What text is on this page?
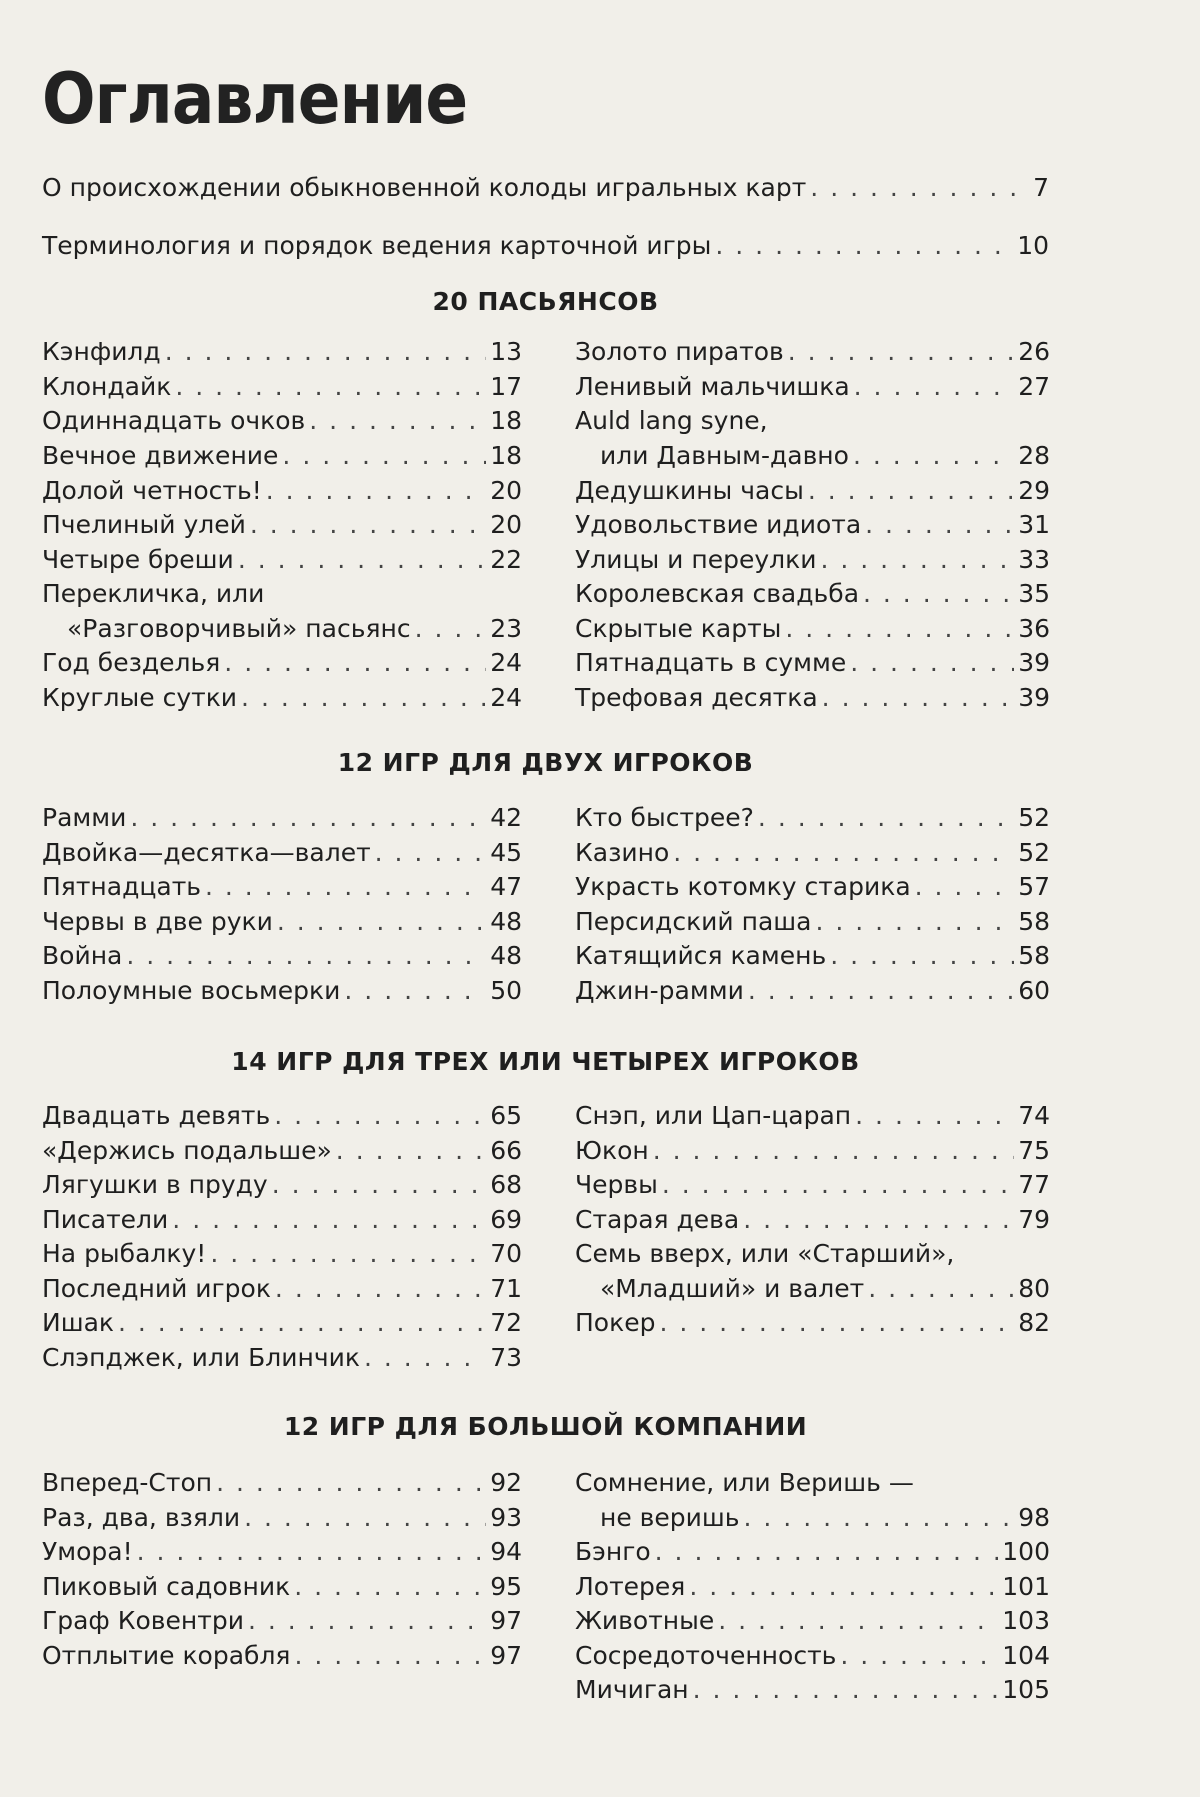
Оглавление
О происхождении обыкновенной колоды игральных карт . . .	7
Терминология и порядок ведения карточной игры . . .	10
20 ПАСЬЯНСОВ
Кэнфилд . . .	13
Клондайк . . .	17
Одиннадцать очков . . .	18
Вечное движение . . .	18
Долой четность! . . .	20
Пчелиный улей . . .	20
Четыре бреши . . .	22
Перекличка, или
«Разговорчивый» пасьянс . . .	23
Год безделья . . .	24
Круглые сутки . . .	24
Золото пиратов . . .	26
Ленивый мальчишка . . .	27
Auld lang syne,
или Давным-давно . . .	28
Дедушкины часы . . .	29
Удовольствие идиота . . .	31
Улицы и переулки . . .	33
Королевская свадьба . . .	35
Скрытые карты . . .	36
Пятнадцать в сумме . . .	39
Трефовая десятка . . .	39
12 ИГР ДЛЯ ДВУХ ИГРОКОВ
Рамми . . .	42
Двойка—десятка—валет . . .	45
Пятнадцать . . .	47
Червы в две руки . . .	48
Война . . .	48
Полоумные восьмерки . . .	50
Кто быстрее? . . .	52
Казино . . .	52
Украсть котомку старика . . .	57
Персидский паша . . .	58
Катящийся камень . . .	58
Джин-рамми . . .	60
14 ИГР ДЛЯ ТРЕХ ИЛИ ЧЕТЫРЕХ ИГРОКОВ
Двадцать девять . . .	65
«Держись подальше» . . .	66
Лягушки в пруду . . .	68
Писатели . . .	69
На рыбалку! . . .	70
Последний игрок . . .	71
Ишак . . .	72
Слэпджек, или Блинчик . . .	73
Снэп, или Цап-царап . . .	74
Юкон . . .	75
Червы . . .	77
Старая дева . . .	79
Семь вверх, или «Старший»,
«Младший» и валет . . .	80
Покер . . .	82
12 ИГР ДЛЯ БОЛЬШОЙ КОМПАНИИ
Вперед-Стоп . . .	92
Раз, два, взяли . . .	93
Умора! . . .	94
Пиковый садовник . . .	95
Граф Ковентри . . .	97
Отплытие корабля . . .	97
Сомнение, или Веришь —
не веришь . . .	98
Бэнго . . .	100
Лотерея . . .	101
Животные . . .	103
Сосредоточенность . . .	104
Мичиган . . .	105
